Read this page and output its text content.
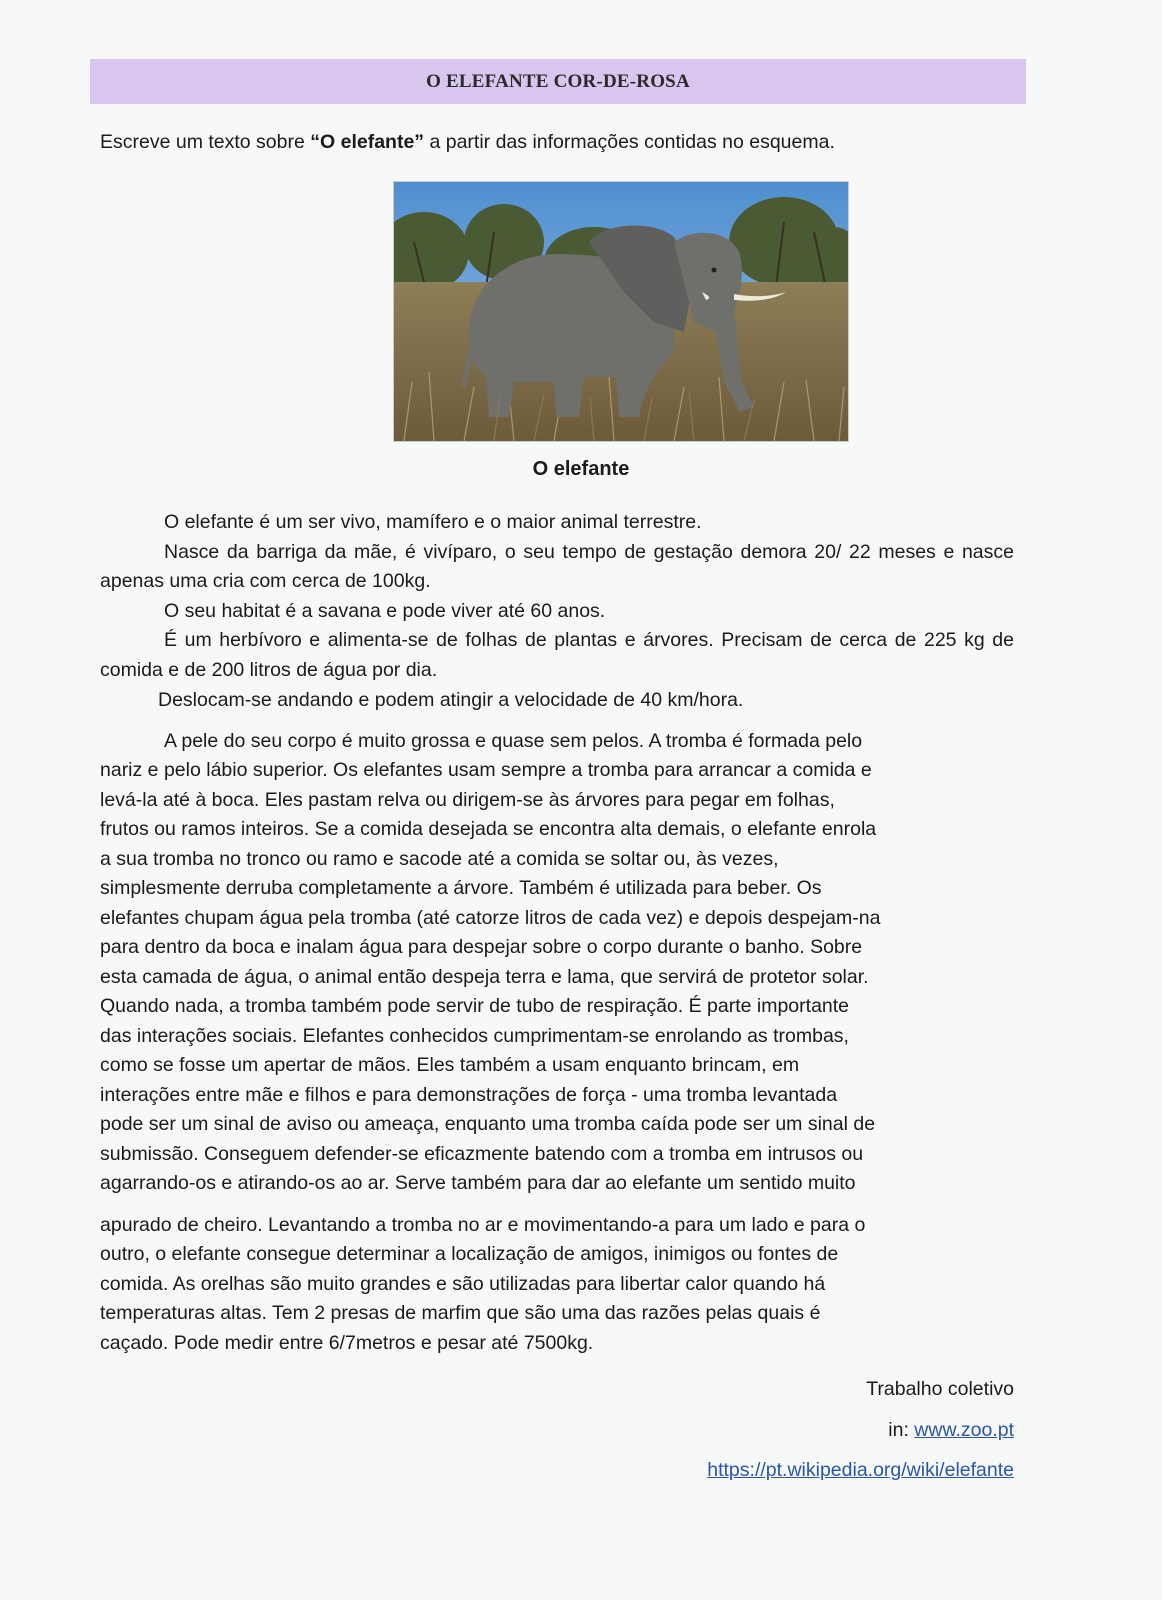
O ELEFANTE COR-DE-ROSA
Escreve um texto sobre “O elefante” a partir das informações contidas no esquema.
O elefante

O elefante é um ser vivo, mamífero e o maior animal terrestre.

Nasce da barriga da mãe, é vivíparo, o seu tempo de gestação demora 20/ 22 meses e nasce apenas uma cria com cerca de 100kg.

O seu habitat é a savana e pode viver até 60 anos.

É um herbívoro e alimenta-se de folhas de plantas e árvores. Precisam de cerca de 225 kg de comida e de 200 litros de água por dia.

Deslocam-se andando e podem atingir a velocidade de 40 km/hora.

A pele do seu corpo é muito grossa e quase sem pelos. A tromba é formada pelo
nariz e pelo lábio superior. Os elefantes usam sempre a tromba para arrancar a comida e
levá-la até à boca. Eles pastam relva ou dirigem-se às árvores para pegar em folhas,
frutos ou ramos inteiros. Se a comida desejada se encontra alta demais, o elefante enrola
a sua tromba no tronco ou ramo e sacode até a comida se soltar ou, às vezes,
simplesmente derruba completamente a árvore. Também é utilizada para beber. Os
elefantes chupam água pela tromba (até catorze litros de cada vez) e depois despejam-na
para dentro da boca e inalam água para despejar sobre o corpo durante o banho. Sobre
esta camada de água, o animal então despeja terra e lama, que servirá de protetor solar.
Quando nada, a tromba também pode servir de tubo de respiração. É parte importante
das interações sociais. Elefantes conhecidos cumprimentam-se enrolando as trombas,
como se fosse um apertar de mãos. Eles também a usam enquanto brincam, em
interações entre mãe e filhos e para demonstrações de força - uma tromba levantada
pode ser um sinal de aviso ou ameaça, enquanto uma tromba caída pode ser um sinal de
submissão. Conseguem defender-se eficazmente batendo com a tromba em intrusos ou
agarrando-os e atirando-os ao ar. Serve também para dar ao elefante um sentido muito
apurado de cheiro. Levantando a tromba no ar e movimentando-a para um lado e para o
outro, o elefante consegue determinar a localização de amigos, inimigos ou fontes de
comida. As orelhas são muito grandes e são utilizadas para libertar calor quando há
temperaturas altas. Tem 2 presas de marfim que são uma das razões pelas quais é
caçado. Pode medir entre 6/7metros e pesar até 7500kg.
Trabalho coletivo
in: www.zoo.pt
https://pt.wikipedia.org/wiki/elefante
